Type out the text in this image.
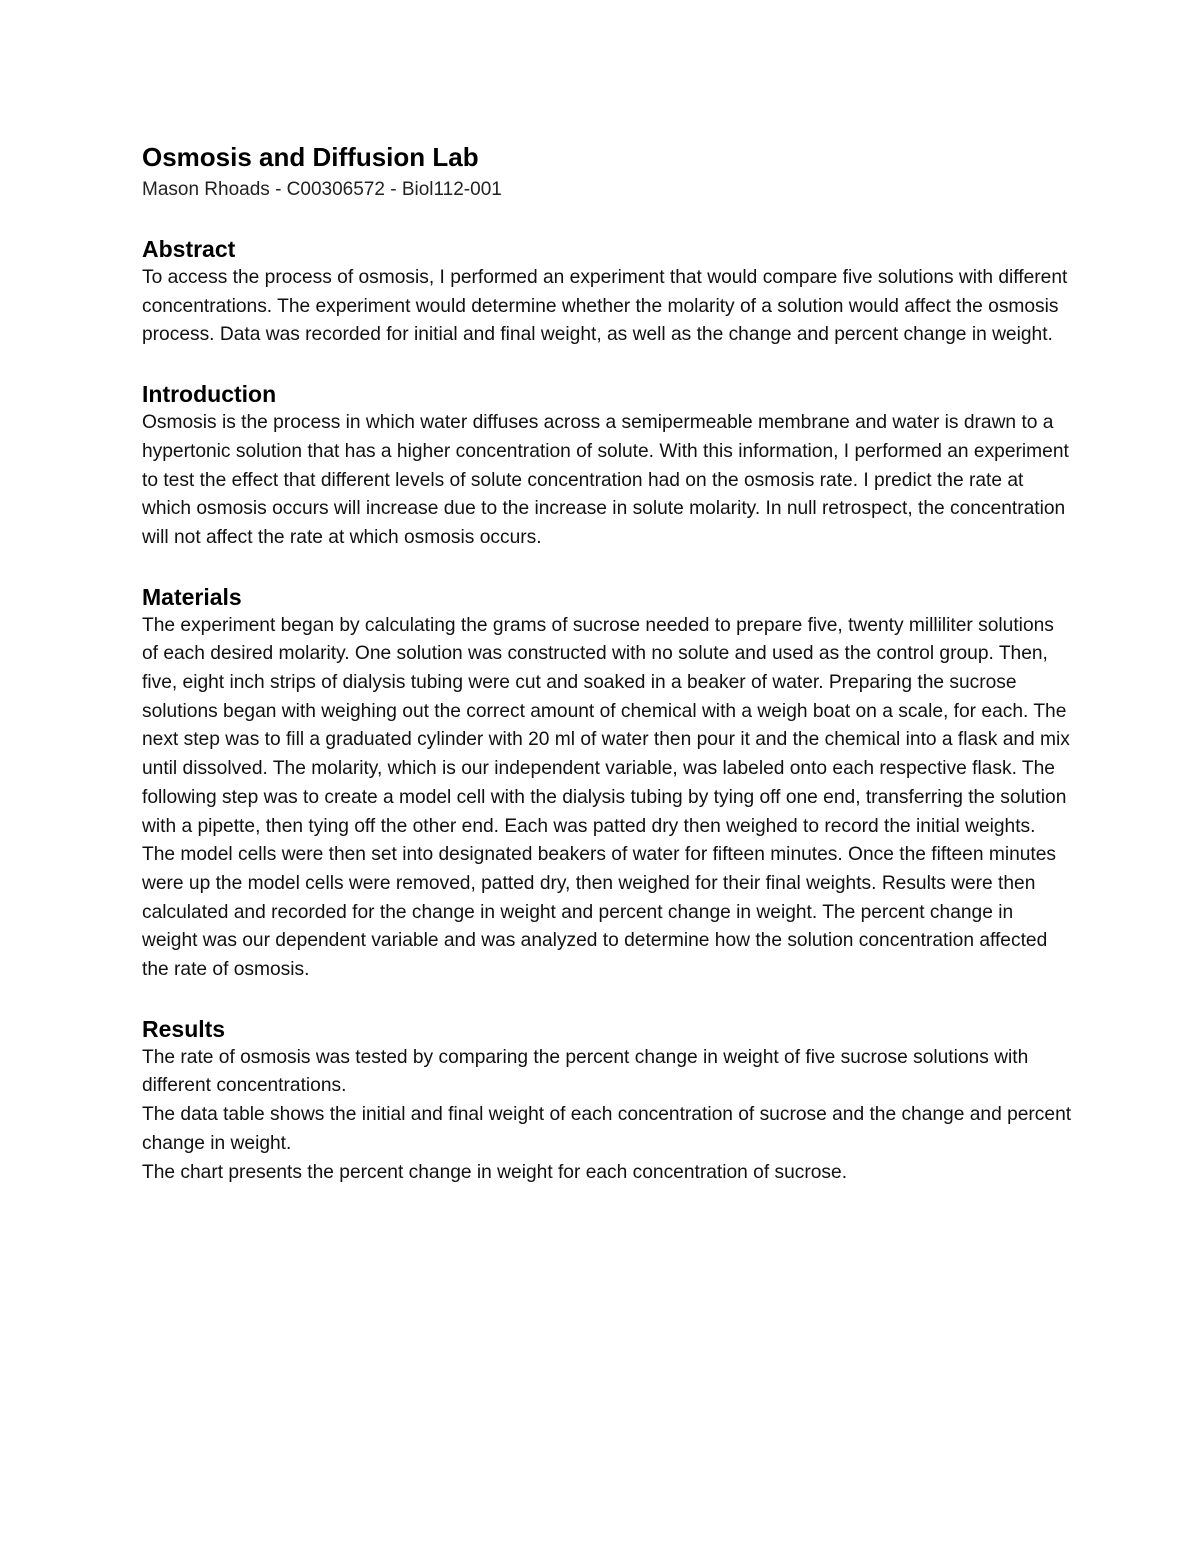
Osmosis and Diffusion Lab

Mason Rhoads - C00306572 - Biol112-001

Abstract

To access the process of osmosis, I performed an experiment that would compare five solutions with different concentrations. The experiment would determine whether the molarity of a solution would affect the osmosis process. Data was recorded for initial and final weight, as well as the change and percent change in weight.

Introduction

Osmosis is the process in which water diffuses across a semipermeable membrane and water is drawn to a hypertonic solution that has a higher concentration of solute. With this information, I performed an experiment to test the effect that different levels of solute concentration had on the osmosis rate. I predict the rate at which osmosis occurs will increase due to the increase in solute molarity. In null retrospect, the concentration will not affect the rate at which osmosis occurs.

Materials

The experiment began by calculating the grams of sucrose needed to prepare five, twenty milliliter solutions of each desired molarity. One solution was constructed with no solute and used as the control group. Then, five, eight inch strips of dialysis tubing were cut and soaked in a beaker of water. Preparing the sucrose solutions began with weighing out the correct amount of chemical with a weigh boat on a scale, for each. The next step was to fill a graduated cylinder with 20 ml of water then pour it and the chemical into a flask and mix until dissolved. The molarity, which is our independent variable, was labeled onto each respective flask. The following step was to create a model cell with the dialysis tubing by tying off one end, transferring the solution with a pipette, then tying off the other end. Each was patted dry then weighed to record the initial weights. The model cells were then set into designated beakers of water for fifteen minutes. Once the fifteen minutes were up the model cells were removed, patted dry, then weighed for their final weights. Results were then calculated and recorded for the change in weight and percent change in weight. The percent change in weight was our dependent variable and was analyzed to determine how the solution concentration affected the rate of osmosis.

Results

The rate of osmosis was tested by comparing the percent change in weight of five sucrose solutions with different concentrations.

The data table shows the initial and final weight of each concentration of sucrose and the change and percent change in weight.

The chart presents the percent change in weight for each concentration of sucrose.
